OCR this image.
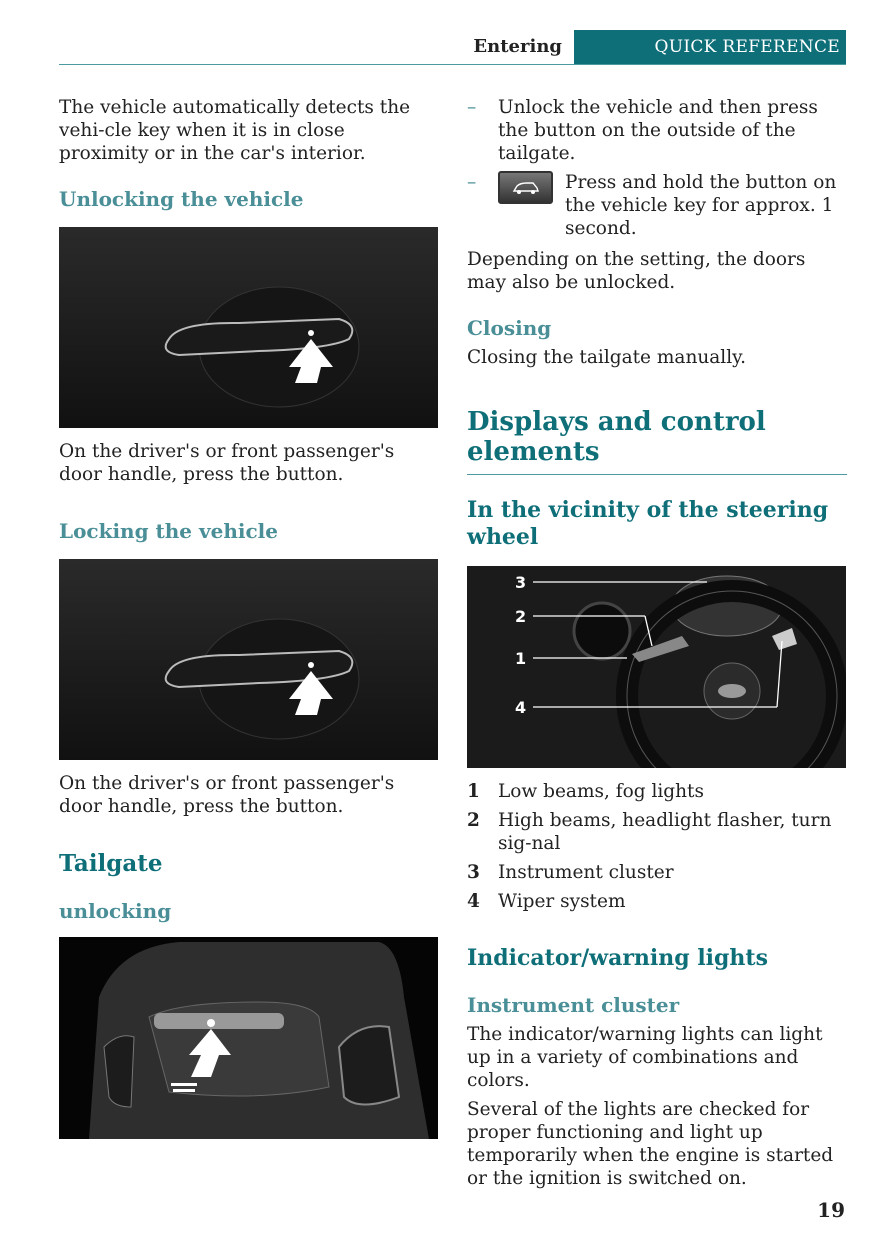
Entering	QUICK REFERENCE

The vehicle automatically detects the vehi-cle key when it is in close proximity or in the car's interior.

Unlocking the vehicle

On the driver's or front passenger's door handle, press the button.

Locking the vehicle

On the driver's or front passenger's door handle, press the button.

Tailgate
unlocking
–	Unlock the vehicle and then press the button on the outside of the tailgate.
–	Press and hold the button on the vehicle key for approx. 1 second.

Depending on the setting, the doors may also be unlocked.

Closing

Closing the tailgate manually.

Displays and control elements
In the vicinity of the steering wheel
3
2
1
4
1 Low beams, fog lights
2 High beams, headlight flasher, turn sig-nal
3 Instrument cluster
4 Wiper system
Indicator/warning lights
Instrument cluster

The indicator/warning lights can light up in a variety of combinations and colors.

Several of the lights are checked for proper functioning and light up temporarily when the engine is started or the ignition is switched on.

19
